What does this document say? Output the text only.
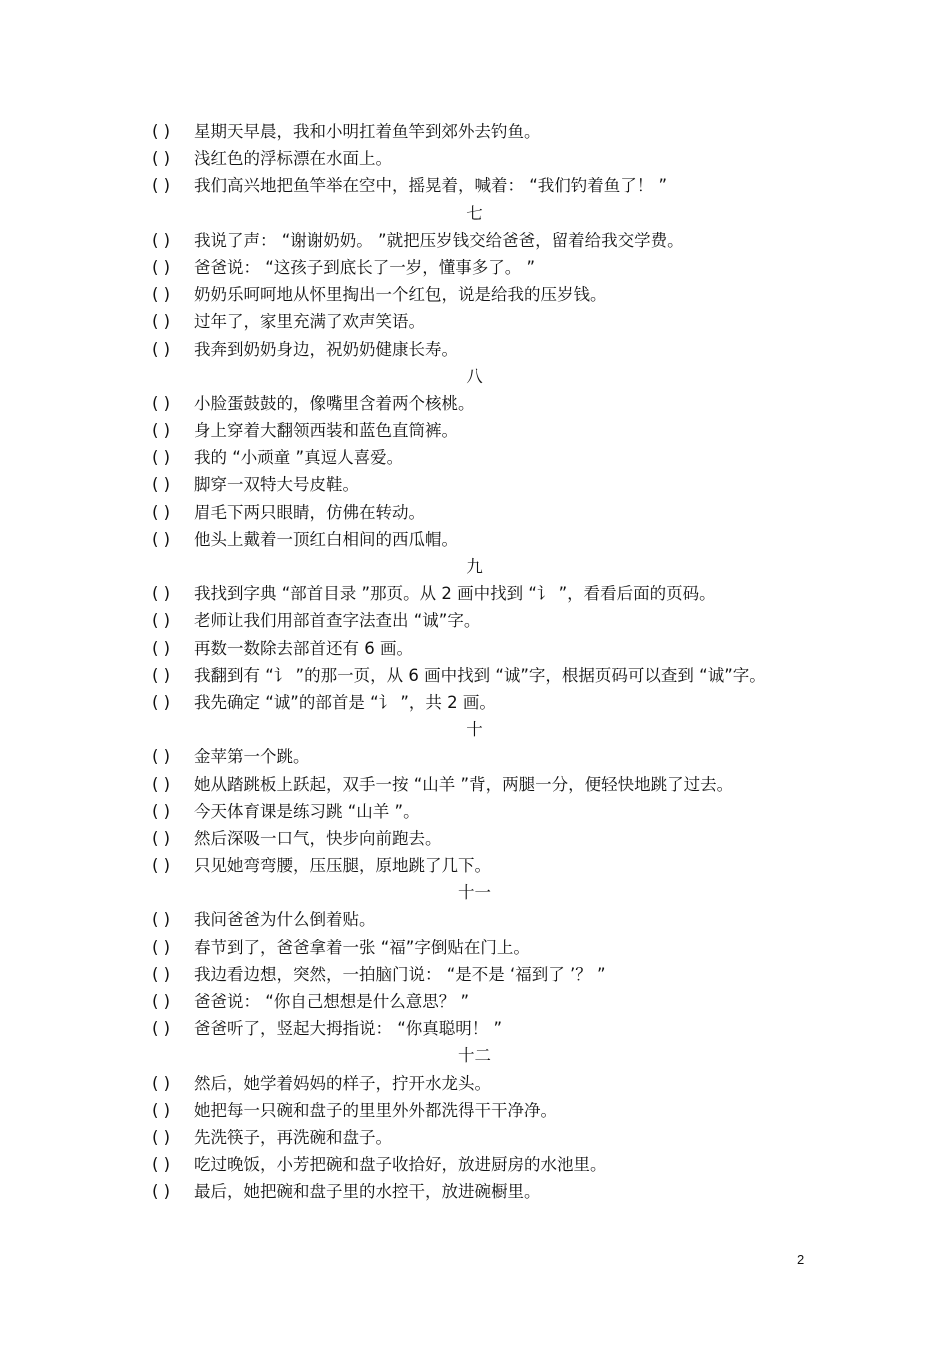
( )	星期天早晨，我和小明扛着鱼竿到郊外去钓鱼。
( )	浅红色的浮标漂在水面上。
( )	我们高兴地把鱼竿举在空中，摇晃着，喊着： “我们钓着鱼了！ ”
七
( )	我说了声： “谢谢奶奶。 ”就把压岁钱交给爸爸，留着给我交学费。
( )	爸爸说： “这孩子到底长了一岁，懂事多了。 ”
( )	奶奶乐呵呵地从怀里掏出一个红包，说是给我的压岁钱。
( )	过年了，家里充满了欢声笑语。
( )	我奔到奶奶身边，祝奶奶健康长寿。
八
( )	小脸蛋鼓鼓的，像嘴里含着两个核桃。
( )	身上穿着大翻领西装和蓝色直筒裤。
( )	我的 “小顽童 ”真逗人喜爱。
( )	脚穿一双特大号皮鞋。
( )	眉毛下两只眼睛，仿佛在转动。
( )	他头上戴着一顶红白相间的西瓜帽。
九
( )	我找到字典 “部首目录 ”那页。从 2 画中找到 “讠 ”，看看后面的页码。
( )	老师让我们用部首查字法查出 “诚”字。
( )	再数一数除去部首还有 6 画。
( )	我翻到有 “讠 ”的那一页，从 6 画中找到 “诚”字，根据页码可以查到 “诚”字。
( )	我先确定 “诚”的部首是 “讠 ”，共 2 画。
十
( )	金苹第一个跳。
( )	她从踏跳板上跃起，双手一按 “山羊 ”背，两腿一分，便轻快地跳了过去。
( )	今天体育课是练习跳 “山羊 ”。
( )	然后深吸一口气，快步向前跑去。
( )	只见她弯弯腰，压压腿，原地跳了几下。
十一
( )	我问爸爸为什么倒着贴。
( )	春节到了，爸爸拿着一张 “福”字倒贴在门上。
( )	我边看边想，突然，一拍脑门说： “是不是 ‘福到了 ’？ ”
( )	爸爸说： “你自己想想是什么意思？ ”
( )	爸爸听了，竖起大拇指说： “你真聪明！ ”
十二
( )	然后，她学着妈妈的样子，拧开水龙头。
( )	她把每一只碗和盘子的里里外外都洗得干干净净。
( )	先洗筷子，再洗碗和盘子。
( )	吃过晚饭，小芳把碗和盘子收拾好，放进厨房的水池里。
( )	最后，她把碗和盘子里的水控干，放进碗橱里。
2
